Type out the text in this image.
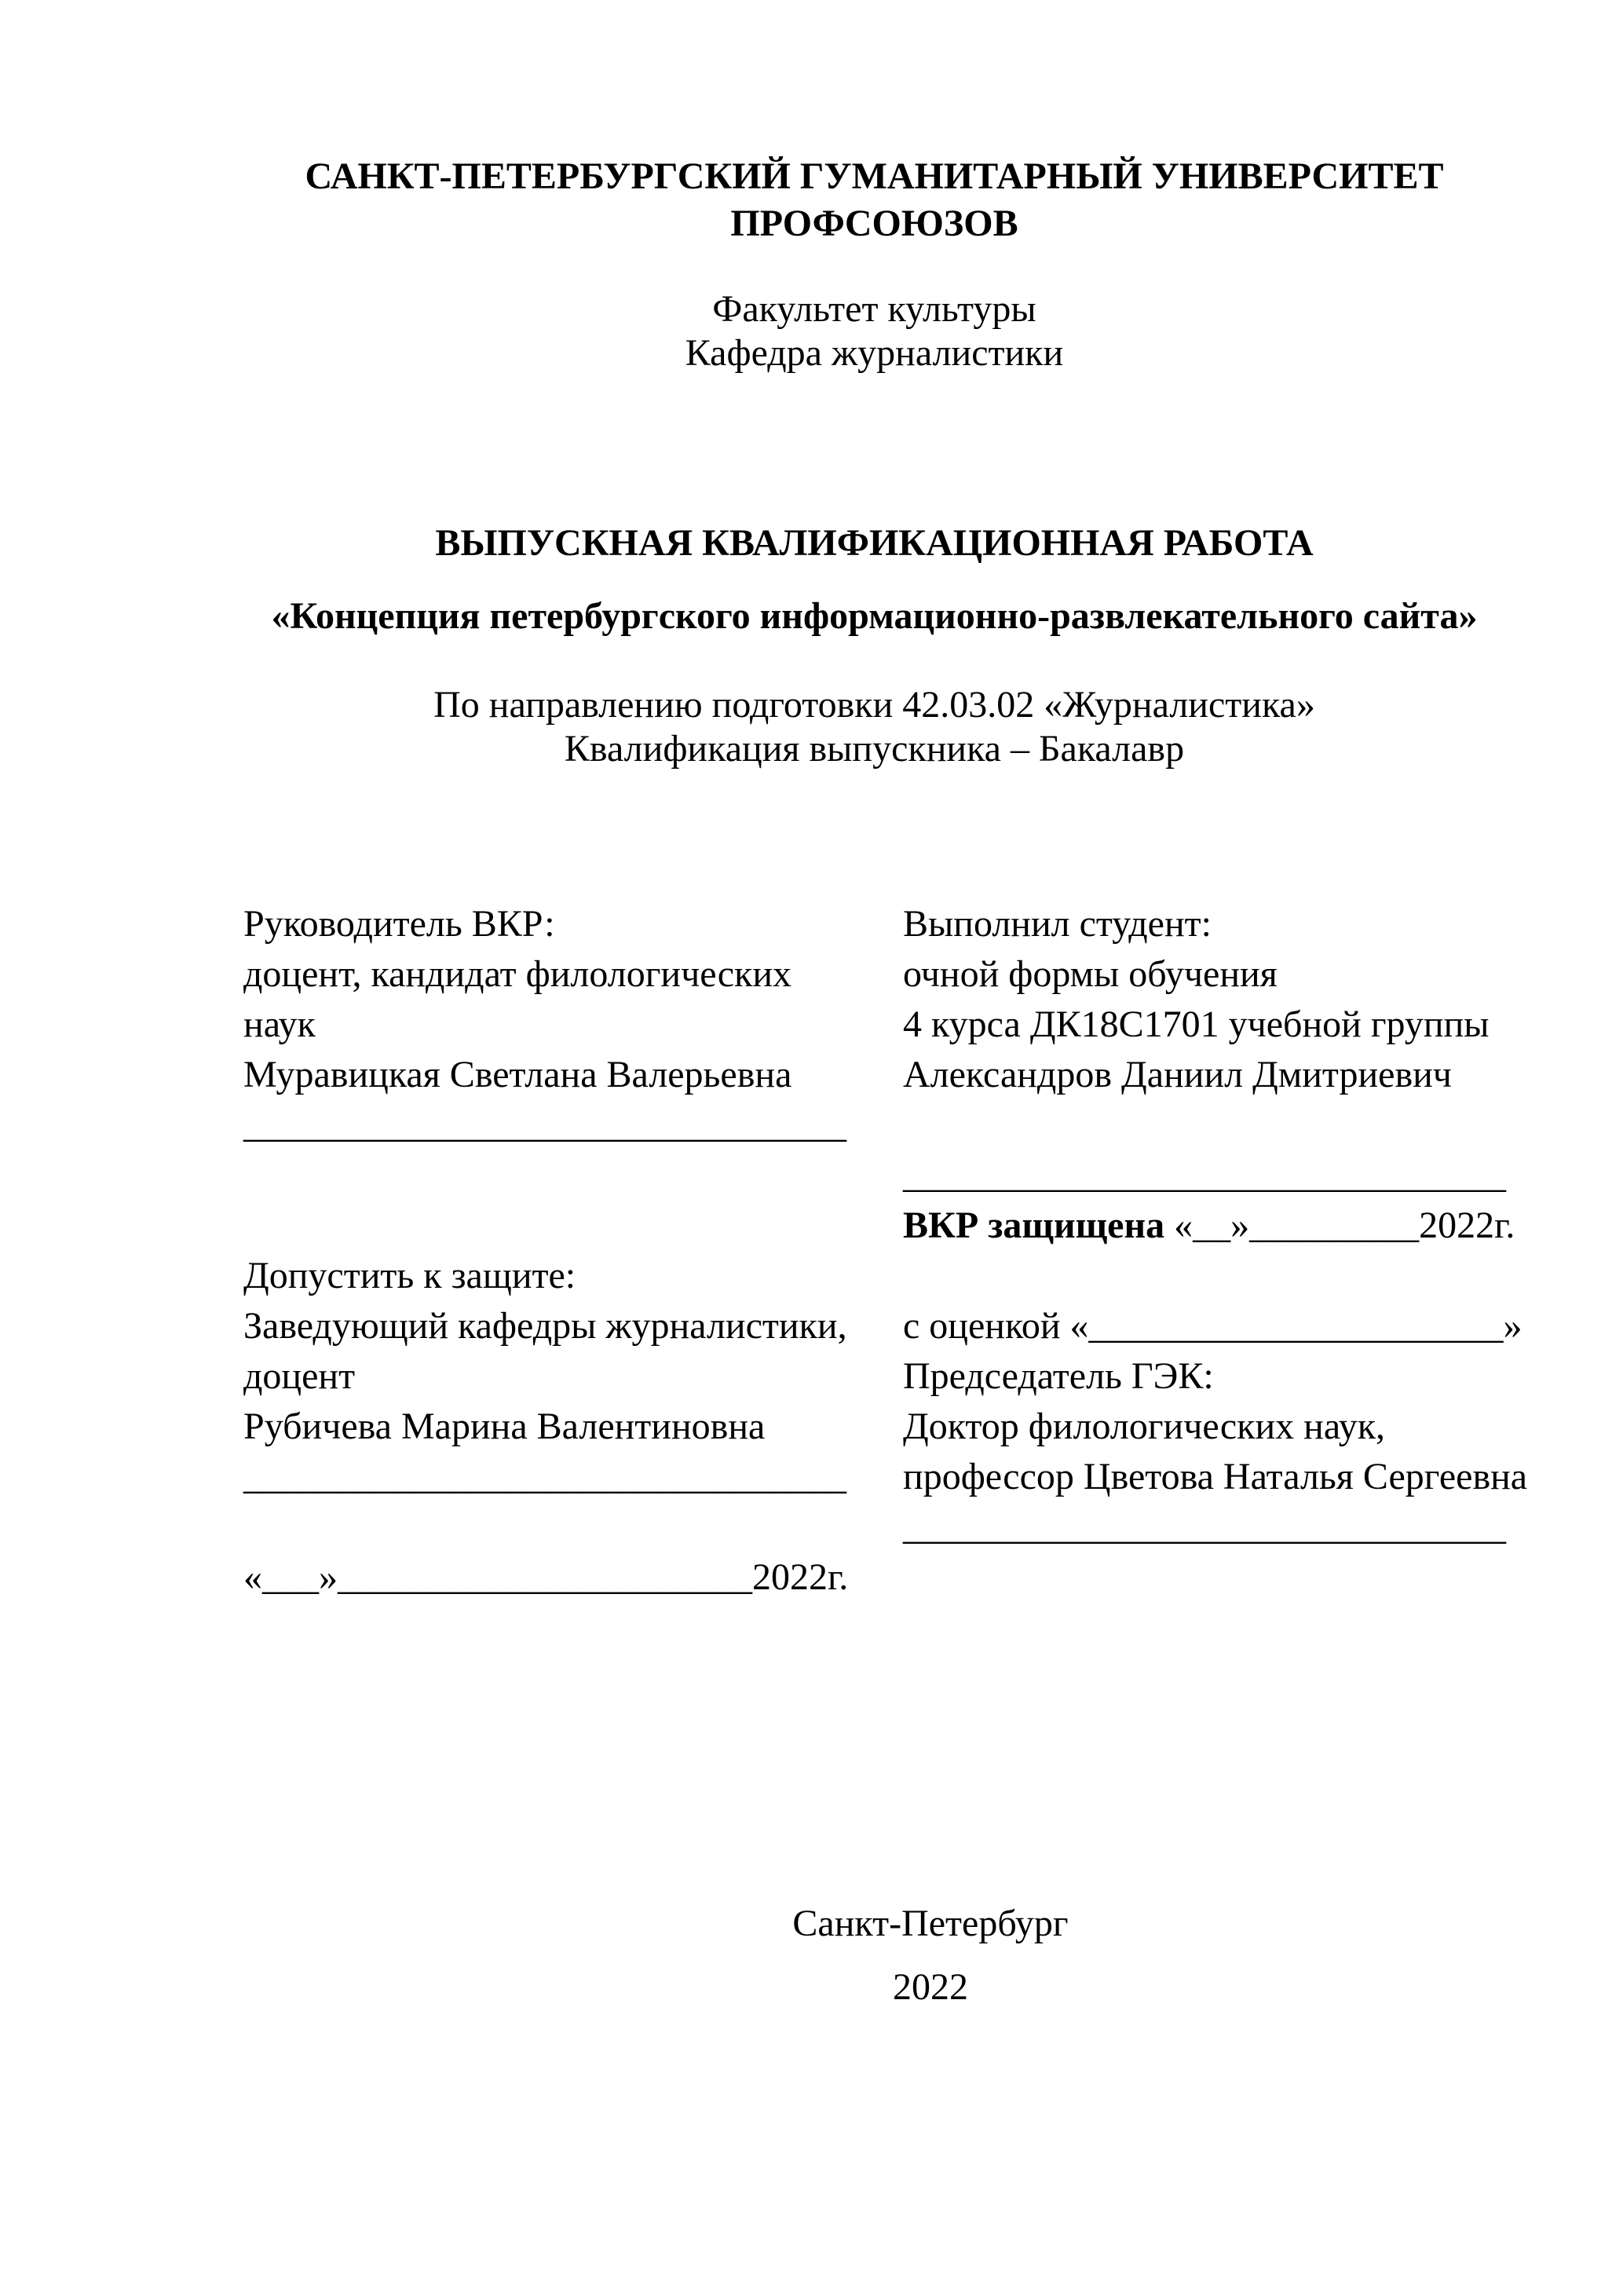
САНКТ-ПЕТЕРБУРГСКИЙ ГУМАНИТАРНЫЙ УНИВЕРСИТЕТ
ПРОФСОЮЗОВ
Факультет культуры
Кафедра журналистики
ВЫПУСКНАЯ КВАЛИФИКАЦИОННАЯ РАБОТА
«Концепция петербургского информационно-развлекательного сайта»
По направлению подготовки 42.03.02 «Журналистика»
Квалификация выпускника – Бакалавр
Руководитель ВКР:
доцент, кандидат филологических
наук
Муравицкая Светлана Валерьевна
________________________________
Допустить к защите:
Заведующий кафедры журналистики,
доцент
Рубичева Марина Валентиновна
________________________________
«___»______________________2022г.
Выполнил студент:
очной формы обучения
4 курса ДК18С1701 учебной группы
Александров Даниил Дмитриевич
________________________________
ВКР защищена «__»_________2022г.
с оценкой «______________________»
Председатель ГЭК:
Доктор филологических наук,
профессор Цветова Наталья Сергеевна
________________________________
Санкт-Петербург
2022
